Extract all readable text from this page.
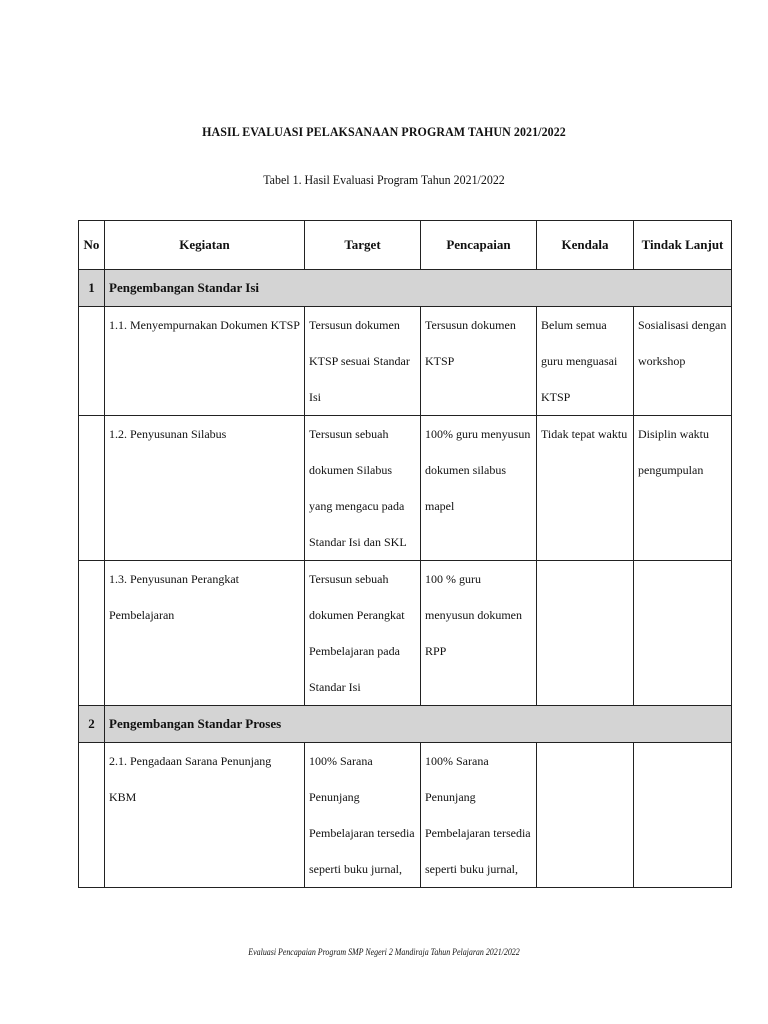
HASIL EVALUASI PELAKSANAAN PROGRAM TAHUN 2021/2022
Tabel 1. Hasil Evaluasi Program Tahun 2021/2022
No	Kegiatan	Target	Pencapaian	Kendala	Tindak Lanjut
1	Pengembangan Standar Isi				
	1.1. Menyempurnakan Dokumen KTSP	Tersusun dokumen KTSP sesuai Standar Isi	Tersusun dokumen KTSP	Belum semua guru menguasai KTSP	Sosialisasi dengan workshop
	1.2. Penyusunan Silabus	Tersusun sebuah dokumen Silabus yang mengacu pada Standar Isi dan SKL	100% guru menyusun dokumen silabus mapel	Tidak tepat waktu	Disiplin waktu pengumpulan
	1.3. Penyusunan Perangkat Pembelajaran	Tersusun sebuah dokumen Perangkat Pembelajaran pada Standar Isi	100 % guru menyusun dokumen RPP		
2	Pengembangan Standar Proses				
	2.1. Pengadaan Sarana Penunjang KBM	100% Sarana Penunjang Pembelajaran tersedia seperti buku jurnal,	100% Sarana Penunjang Pembelajaran tersedia seperti buku jurnal,		
Evaluasi Pencapaian Program SMP Negeri 2 Mandiraja Tahun Pelajaran 2021/2022
